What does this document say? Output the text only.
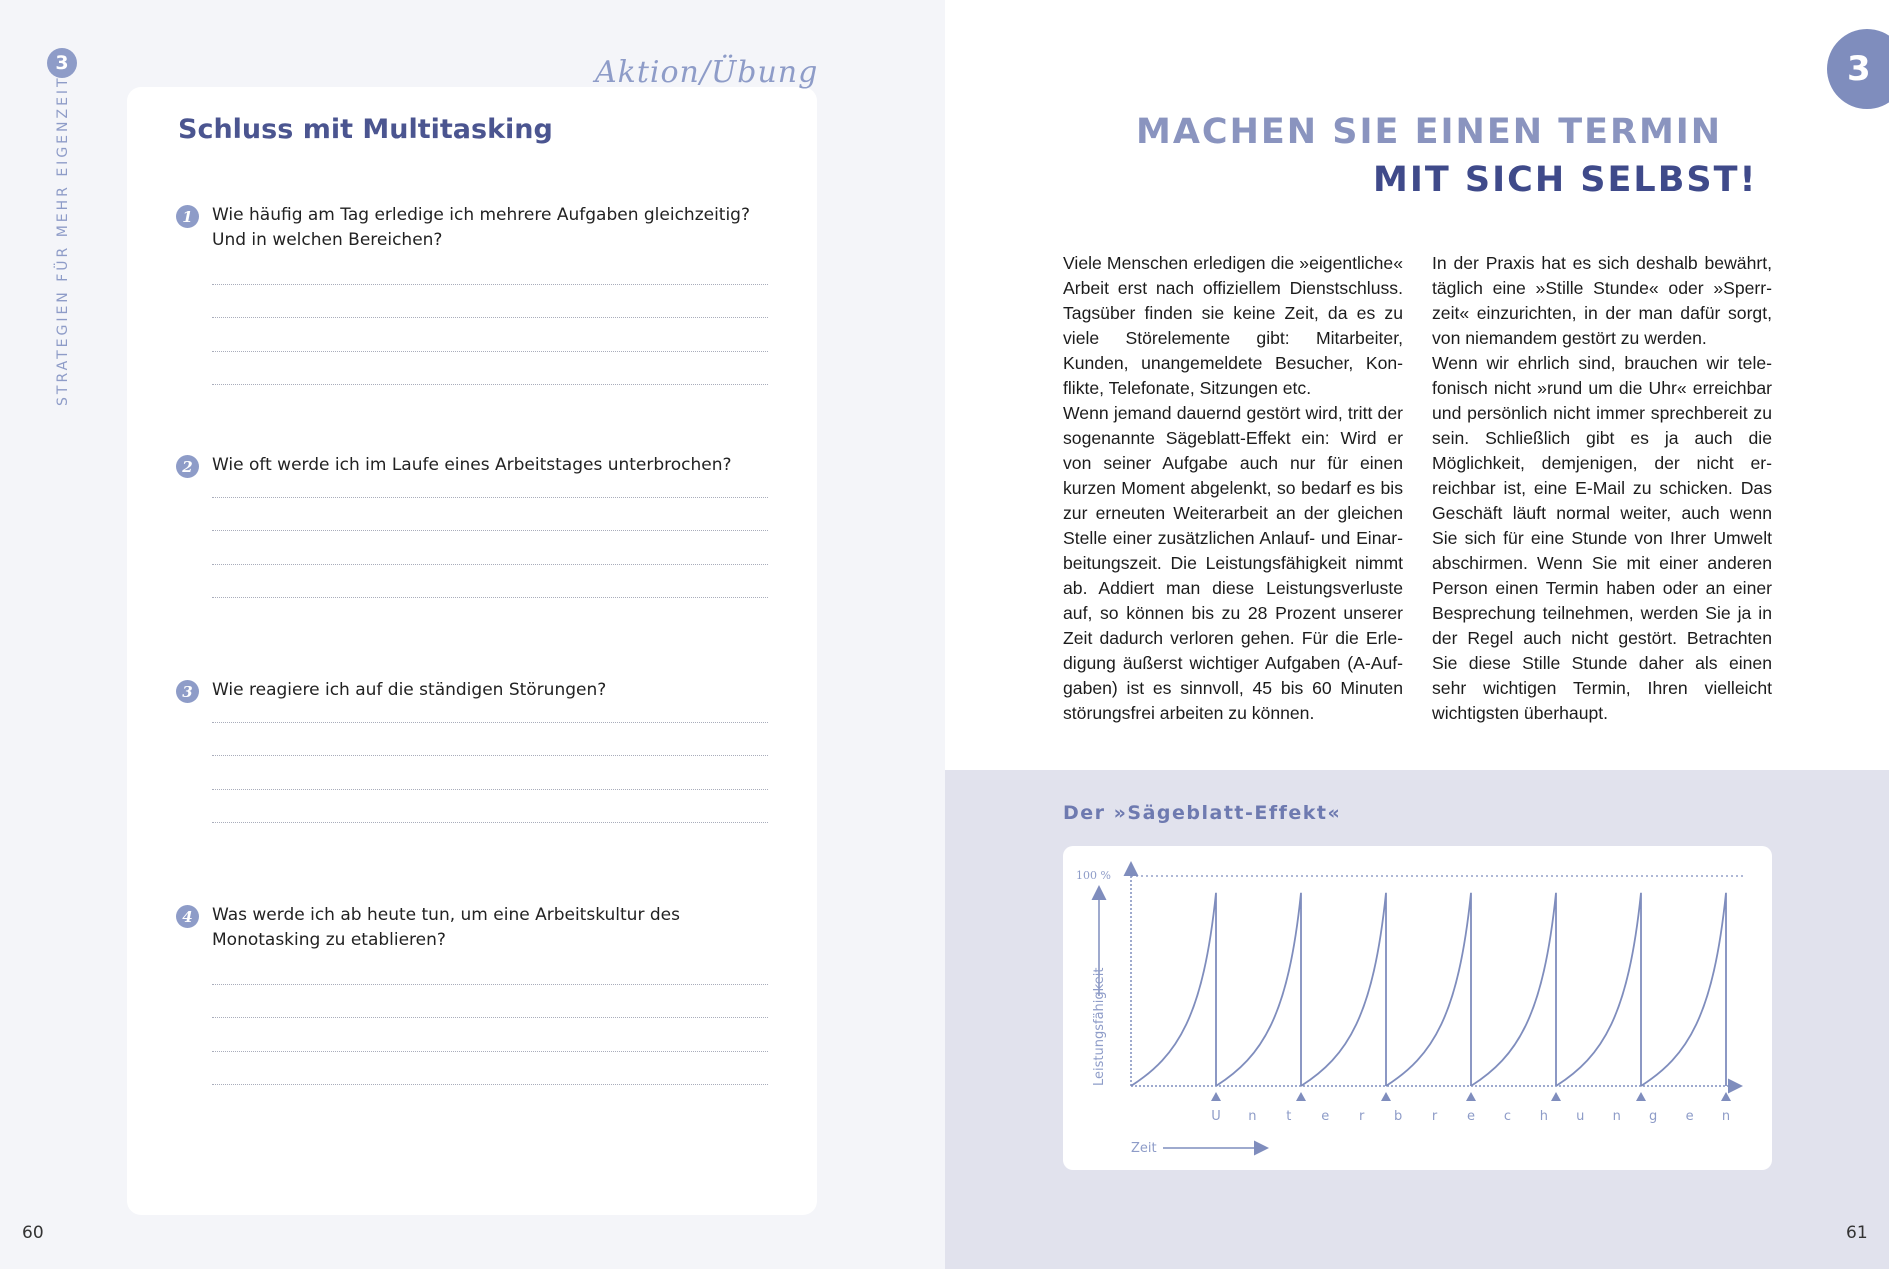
3
STRATEGIEN FÜR MEHR EIGENZEIT
Aktion/Übung
Schluss mit Multitasking
1	Wie häufig am Tag erledige ich mehrere Aufgaben gleichzeitig? Und in welchen Bereichen?
2	Wie oft werde ich im Laufe eines Arbeitstages unterbrochen?
3	Wie reagiere ich auf die ständigen Störungen?
4	Was werde ich ab heute tun, um eine Arbeitskultur des Monotasking zu etablieren?
60
3
MACHEN SIE EINEN TERMIN
MIT SICH SELBST!

Viele Menschen erledigen die »eigentliche« Arbeit erst nach offiziellem Dienstschluss. Tagsüber finden sie keine Zeit, da es zu viele Störelemente gibt: Mitarbeiter, Kunden, unangemeldete Besucher, Konflikte, Telefonate, Sitzungen etc.

Wenn jemand dauernd gestört wird, tritt der sogenannte Sägeblatt-Effekt ein: Wird er von seiner Aufgabe auch nur für einen kurzen Moment abgelenkt, so bedarf es bis zur erneuten Weiterarbeit an der gleichen Stelle einer zusätzlichen Anlauf- und Einarbeitungszeit. Die Leistungsfähigkeit nimmt ab. Addiert man diese Leistungsverluste auf, so können bis zu 28 Prozent unserer Zeit dadurch verloren gehen. Für die Erledigung äußerst wichtiger Aufgaben (A-Aufgaben) ist es sinnvoll, 45 bis 60 Minuten störungsfrei arbeiten zu können.

In der Praxis hat es sich deshalb bewährt, täglich eine »Stille Stunde« oder »Sperrzeit« einzurichten, in der man dafür sorgt, von niemandem gestört zu werden.

Wenn wir ehrlich sind, brauchen wir telefonisch nicht »rund um die Uhr« erreichbar und persönlich nicht immer sprechbereit zu sein. Schließlich gibt es ja auch die Möglichkeit, demjenigen, der nicht erreichbar ist, eine E-Mail zu schicken. Das Geschäft läuft normal weiter, auch wenn Sie sich für eine Stunde von Ihrer Umwelt abschirmen. Wenn Sie mit einer anderen Person einen Termin haben oder an einer Besprechung teilnehmen, werden Sie ja in der Regel auch nicht gestört. Betrachten Sie diese Stille Stunde daher als einen sehr wichtigen Termin, Ihren vielleicht wichtigsten überhaupt.

Der »Sägeblatt-Effekt«
100 %
Leistungsfähigkeit
U n t e r b r e c h u n g e n
Zeit
61
